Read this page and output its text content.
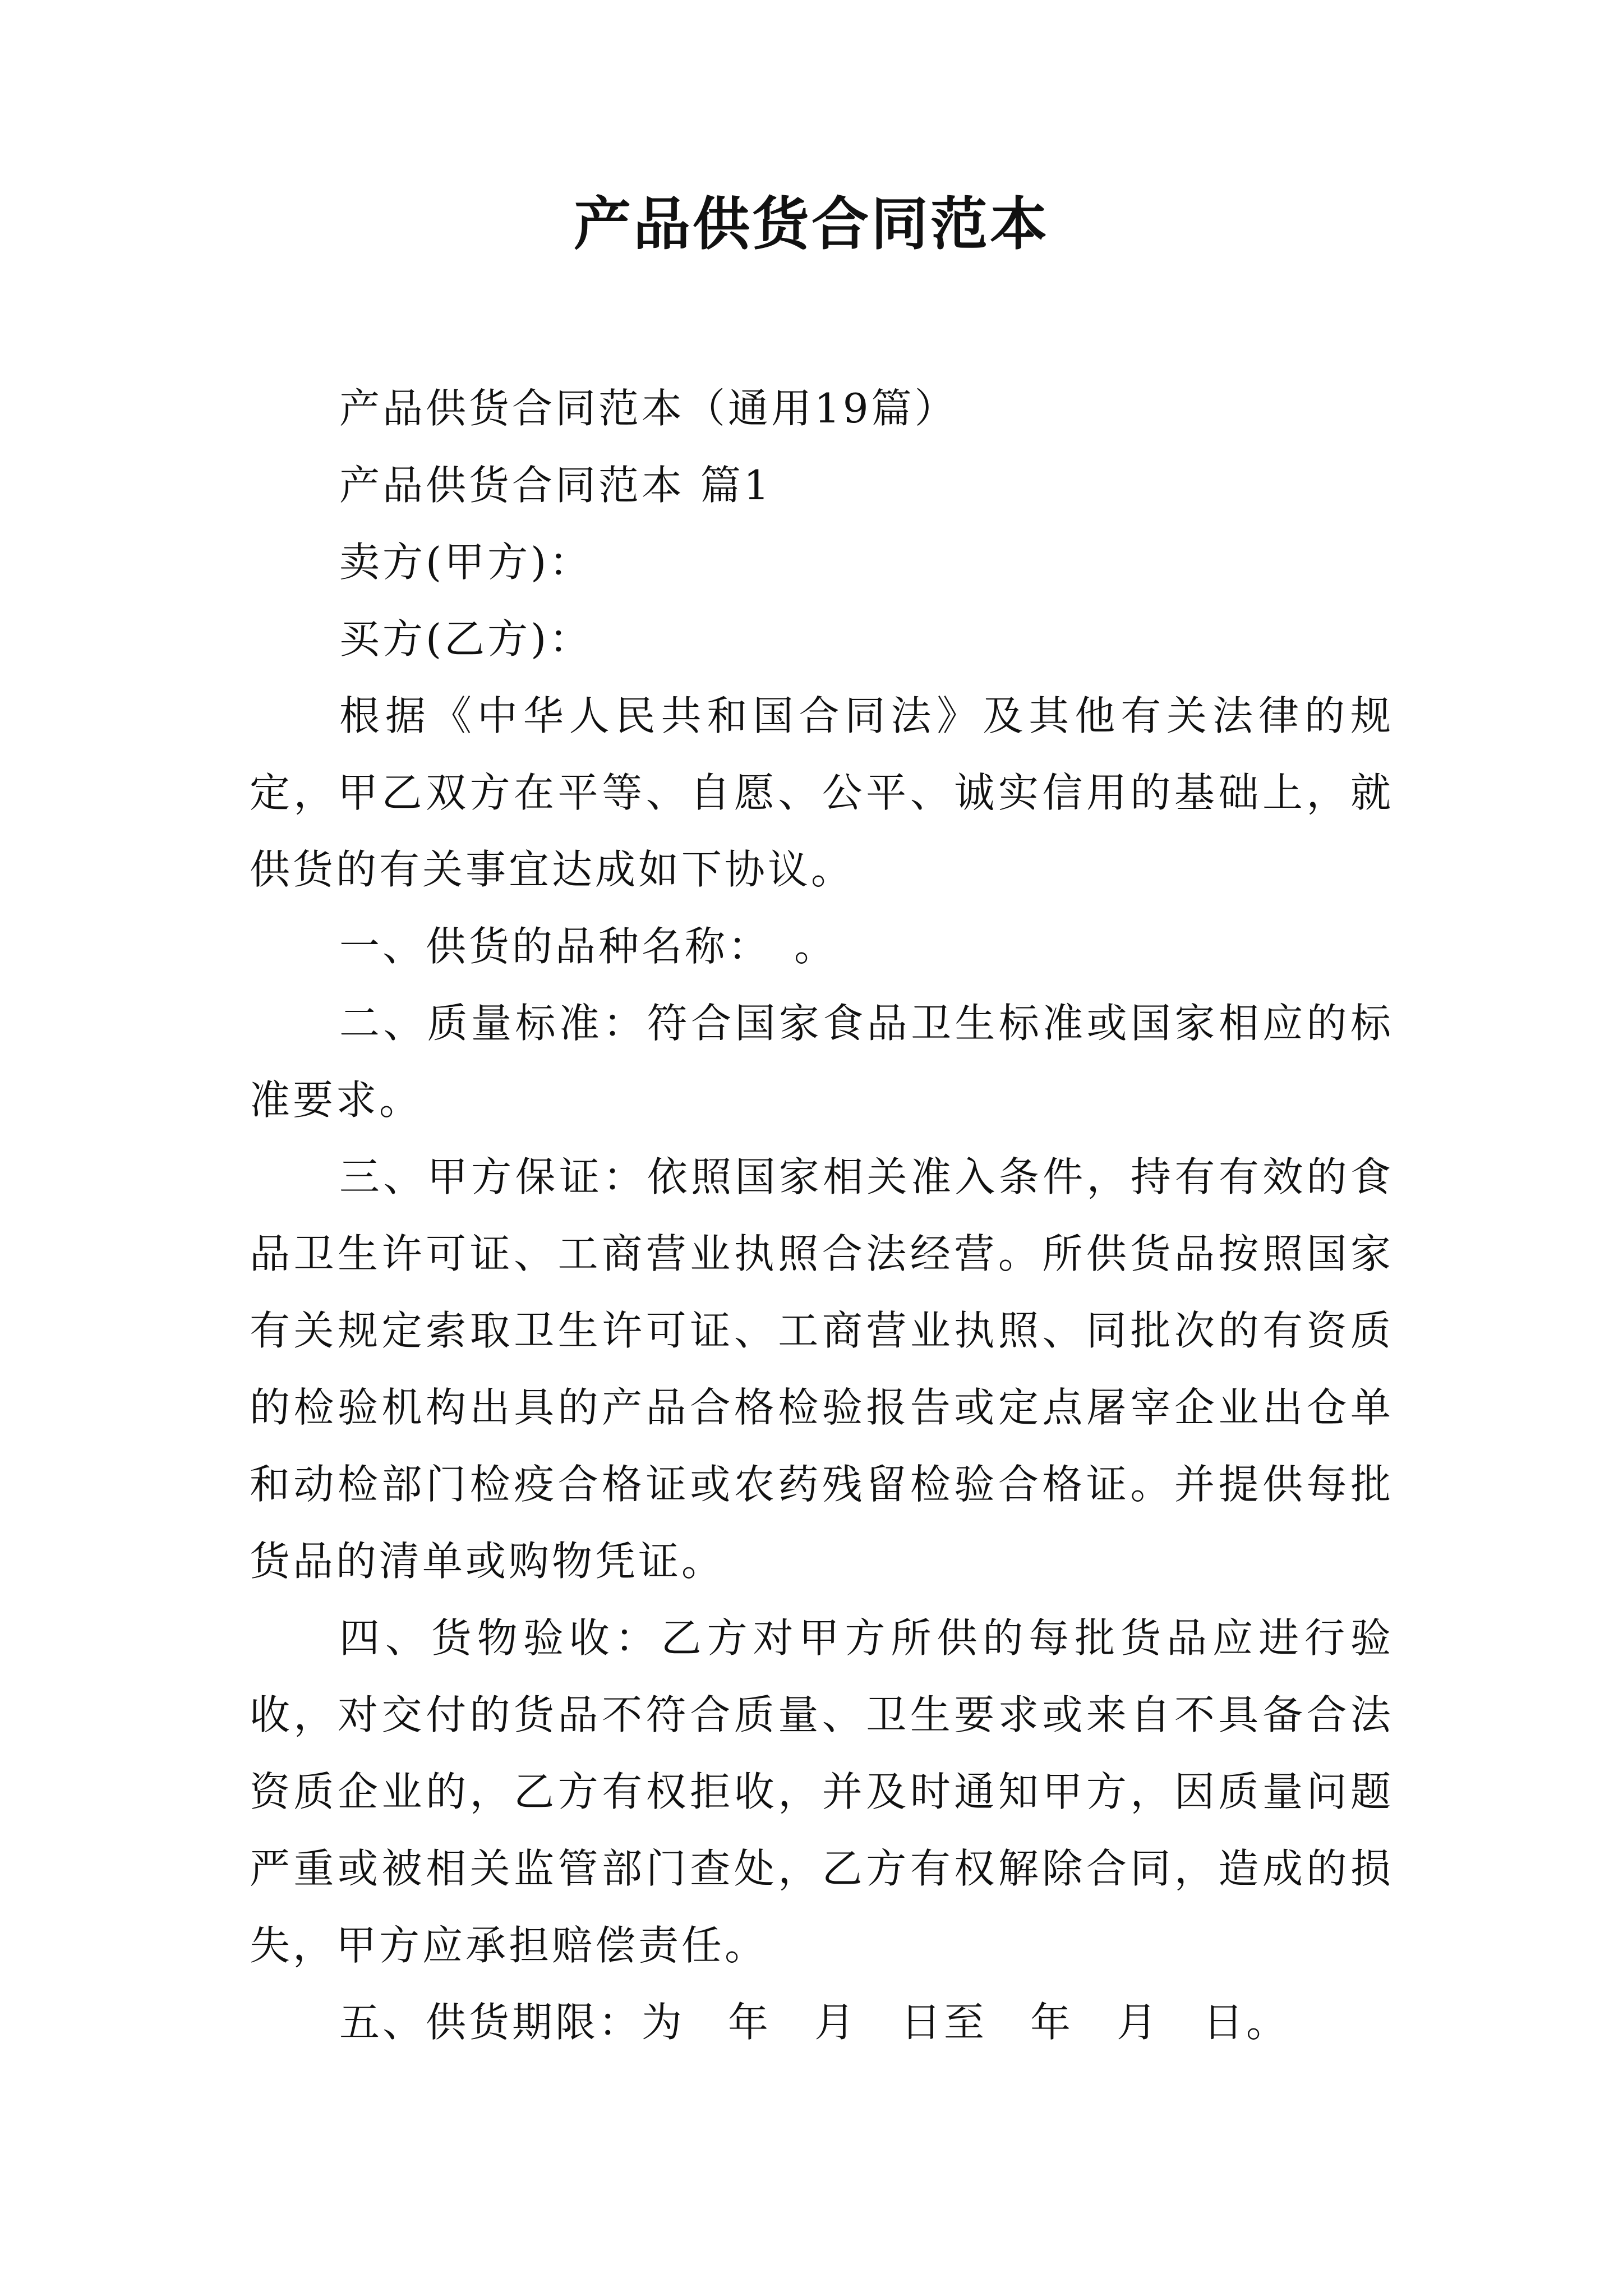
产品供货合同范本

产品供货合同范本（通用19篇）

产品供货合同范本 篇1

卖方(甲方)：

买方(乙方)：

根据《中华人民共和国合同法》及其他有关法律的规定，甲乙双方在平等、自愿、公平、诚实信用的基础上，就供货的有关事宜达成如下协议。

一、供货的品种名称：　。

二、质量标准：符合国家食品卫生标准或国家相应的标准要求。

三、甲方保证：依照国家相关准入条件，持有有效的食品卫生许可证、工商营业执照合法经营。所供货品按照国家有关规定索取卫生许可证、工商营业执照、同批次的有资质的检验机构出具的产品合格检验报告或定点屠宰企业出仓单和动检部门检疫合格证或农药残留检验合格证。并提供每批货品的清单或购物凭证。

四、货物验收：乙方对甲方所供的每批货品应进行验收，对交付的货品不符合质量、卫生要求或来自不具备合法资质企业的，乙方有权拒收，并及时通知甲方，因质量问题严重或被相关监管部门查处，乙方有权解除合同，造成的损失，甲方应承担赔偿责任。

五、供货期限：为　年　月　日至　年　月　日。
